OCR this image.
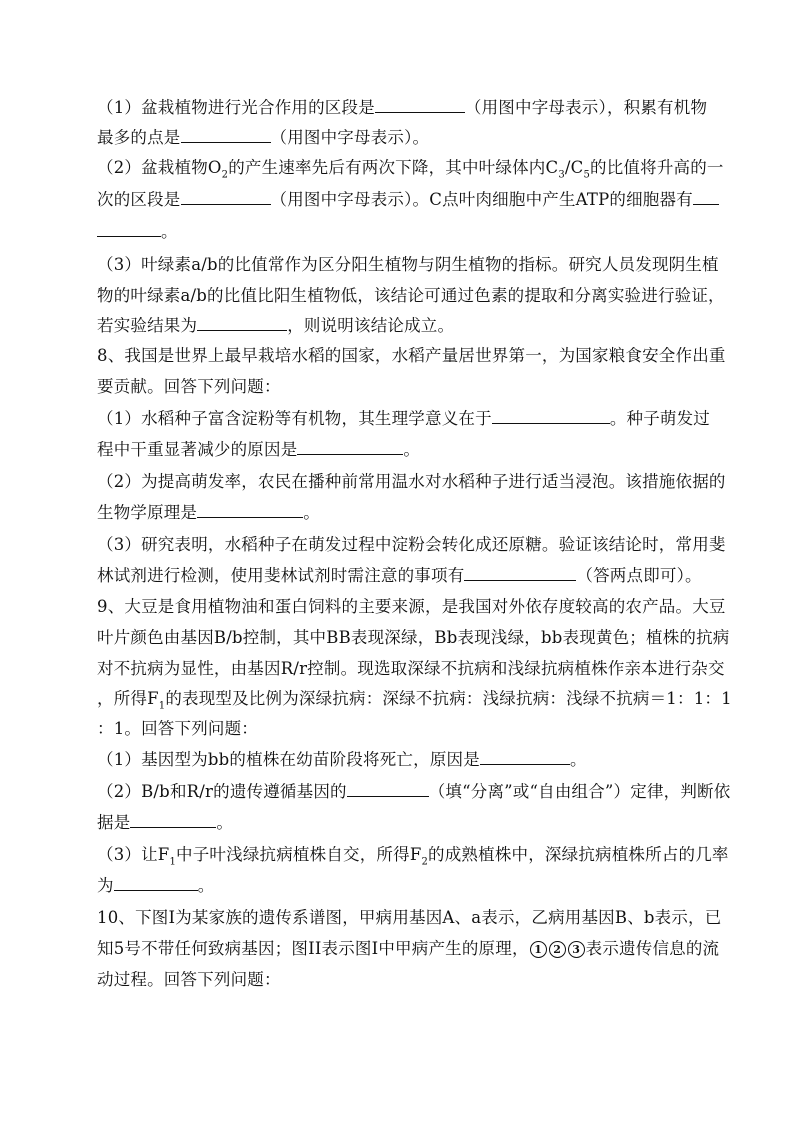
（1）盆栽植物进行光合作用的区段是	（用图中字母表示），积累有机物
最多的点是	（用图中字母表示）。
（2）盆栽植物$O_2$的产生速率先后有两次下降，其中叶绿体内$C_3/C_5$的比值将升高的一
次的区段是	（用图中字母表示）。C点叶肉细胞中产生ATP的细胞器有
。
（3）叶绿素a/b的比值常作为区分阳生植物与阴生植物的指标。研究人员发现阴生植
物的叶绿素a/b的比值比阳生植物低，该结论可通过色素的提取和分离实验进行验证，
若实验结果为	，则说明该结论成立。
8、我国是世界上最早栽培水稻的国家，水稻产量居世界第一，为国家粮食安全作出重
要贡献。回答下列问题：
（1）水稻种子富含淀粉等有机物，其生理学意义在于	。种子萌发过
程中干重显著减少的原因是	。
（2）为提高萌发率，农民在播种前常用温水对水稻种子进行适当浸泡。该措施依据的
生物学原理是	。
（3）研究表明，水稻种子在萌发过程中淀粉会转化成还原糖。验证该结论时，常用斐
林试剂进行检测，使用斐林试剂时需注意的事项有	（答两点即可）。
9、大豆是食用植物油和蛋白饲料的主要来源，是我国对外依存度较高的农产品。大豆
叶片颜色由基因B/b控制，其中BB表现深绿，Bb表现浅绿，bb表现黄色；植株的抗病
对不抗病为显性，由基因R/r控制。现选取深绿不抗病和浅绿抗病植株作亲本进行杂交
，所得$F_1$的表现型及比例为深绿抗病：深绿不抗病：浅绿抗病：浅绿不抗病＝1：1：1
：1。回答下列问题：
（1）基因型为bb的植株在幼苗阶段将死亡，原因是	。
（2）B/b和R/r的遗传遵循基因的	（填“分离”或“自由组合”）定律，判断依
据是	。
（3）让$F_1$中子叶浅绿抗病植株自交，所得$F_2$的成熟植株中，深绿抗病植株所占的几率
为	。
10、下图I为某家族的遗传系谱图，甲病用基因A、a表示，乙病用基因B、b表示，已
知5号不带任何致病基因；图II表示图I中甲病产生的原理， 1 2 3 表示遗传信息的流
动过程。回答下列问题：
